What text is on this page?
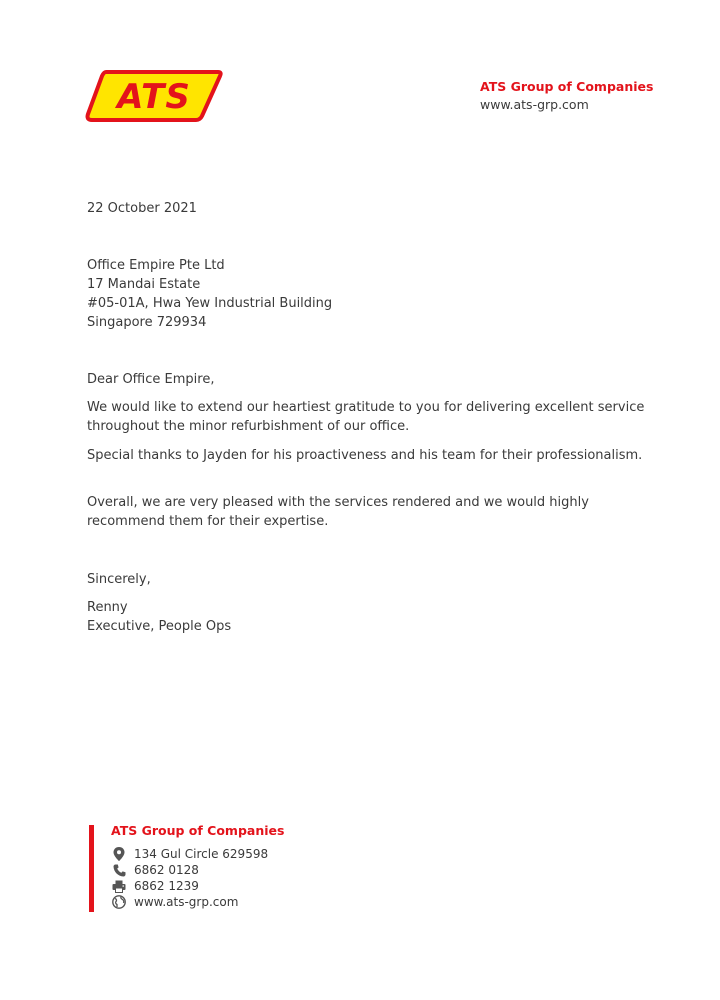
ATS	ATS Group of Companies
www.ats-grp.com

22 October 2021

Office Empire Pte Ltd
17 Mandai Estate
#05-01A, Hwa Yew Industrial Building
Singapore 729934

Dear Office Empire,

We would like to extend our heartiest gratitude to you for delivering excellent service throughout the minor refurbishment of our office.

Special thanks to Jayden for his proactiveness and his team for their professionalism.

Overall, we are very pleased with the services rendered and we would highly recommend them for their expertise.

Sincerely,

Renny
Executive, People Ops
ATS Group of Companies
134 Gul Circle 629598
6862 0128
6862 1239
www.ats-grp.com
